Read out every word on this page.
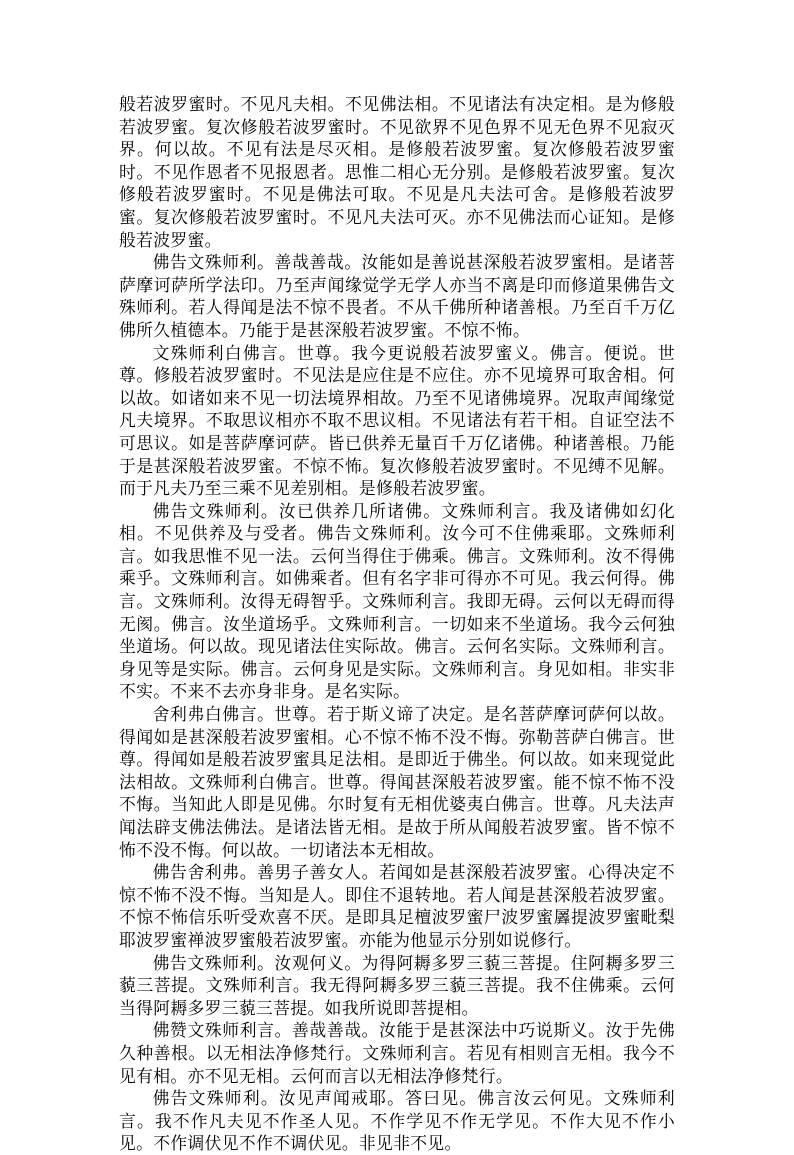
般若波罗蜜时。不见凡夫相。不见佛法相。不见诸法有决定相。是为修般若波罗蜜。复次修般若波罗蜜时。不见欲界不见色界不见无色界不见寂灭界。何以故。不见有法是尽灭相。是修般若波罗蜜。复次修般若波罗蜜时。不见作恩者不见报恩者。思惟二相心无分别。是修般若波罗蜜。复次修般若波罗蜜时。不见是佛法可取。不见是凡夫法可舍。是修般若波罗蜜。复次修般若波罗蜜时。不见凡夫法可灭。亦不见佛法而心证知。是修般若波罗蜜。

佛告文殊师利。善哉善哉。汝能如是善说甚深般若波罗蜜相。是诸菩萨摩诃萨所学法印。乃至声闻缘觉学无学人亦当不离是印而修道果佛告文殊师利。若人得闻是法不惊不畏者。不从千佛所种诸善根。乃至百千万亿佛所久植德本。乃能于是甚深般若波罗蜜。不惊不怖。

文殊师利白佛言。世尊。我今更说般若波罗蜜义。佛言。便说。世尊。修般若波罗蜜时。不见法是应住是不应住。亦不见境界可取舍相。何以故。如诸如来不见一切法境界相故。乃至不见诸佛境界。况取声闻缘觉凡夫境界。不取思议相亦不取不思议相。不见诸法有若干相。自证空法不可思议。如是菩萨摩诃萨。皆已供养无量百千万亿诸佛。种诸善根。乃能于是甚深般若波罗蜜。不惊不怖。复次修般若波罗蜜时。不见缚不见解。而于凡夫乃至三乘不见差别相。是修般若波罗蜜。

佛告文殊师利。汝已供养几所诸佛。文殊师利言。我及诸佛如幻化相。不见供养及与受者。佛告文殊师利。汝今可不住佛乘耶。文殊师利言。如我思惟不见一法。云何当得住于佛乘。佛言。文殊师利。汝不得佛乘乎。文殊师利言。如佛乘者。但有名字非可得亦不可见。我云何得。佛言。文殊师利。汝得无碍智乎。文殊师利言。我即无碍。云何以无碍而得无阂。佛言。汝坐道场乎。文殊师利言。一切如来不坐道场。我今云何独坐道场。何以故。现见诸法住实际故。佛言。云何名实际。文殊师利言。身见等是实际。佛言。云何身见是实际。文殊师利言。身见如相。非实非不实。不来不去亦身非身。是名实际。

舍利弗白佛言。世尊。若于斯义谛了决定。是名菩萨摩诃萨何以故。得闻如是甚深般若波罗蜜相。心不惊不怖不没不悔。弥勒菩萨白佛言。世尊。得闻如是般若波罗蜜具足法相。是即近于佛坐。何以故。如来现觉此法相故。文殊师利白佛言。世尊。得闻甚深般若波罗蜜。能不惊不怖不没不悔。当知此人即是见佛。尔时复有无相优婆夷白佛言。世尊。凡夫法声闻法辟支佛法佛法。是诸法皆无相。是故于所从闻般若波罗蜜。皆不惊不怖不没不悔。何以故。一切诸法本无相故。

佛告舍利弗。善男子善女人。若闻如是甚深般若波罗蜜。心得决定不惊不怖不没不悔。当知是人。即住不退转地。若人闻是甚深般若波罗蜜。不惊不怖信乐听受欢喜不厌。是即具足檀波罗蜜尸波罗蜜羼提波罗蜜毗梨耶波罗蜜禅波罗蜜般若波罗蜜。亦能为他显示分别如说修行。

佛告文殊师利。汝观何义。为得阿耨多罗三藐三菩提。住阿耨多罗三藐三菩提。文殊师利言。我无得阿耨多罗三藐三菩提。我不住佛乘。云何当得阿耨多罗三藐三菩提。如我所说即菩提相。

佛赞文殊师利言。善哉善哉。汝能于是甚深法中巧说斯义。汝于先佛久种善根。以无相法净修梵行。文殊师利言。若见有相则言无相。我今不见有相。亦不见无相。云何而言以无相法净修梵行。

佛告文殊师利。汝见声闻戒耶。答曰见。佛言汝云何见。文殊师利言。我不作凡夫见不作圣人见。不作学见不作无学见。不作大见不作小见。不作调伏见不作不调伏见。非见非不见。
